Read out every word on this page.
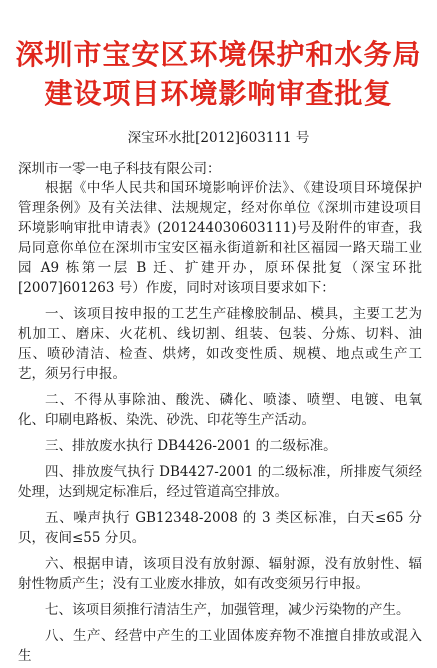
深圳市宝安区环境保护和水务局
建设项目环境影响审查批复
深宝环水批[2012]603111 号
深圳市一零一电子科技有限公司：

根据《中华人民共和国环境影响评价法》、《建设项目环境保护管理条例》及有关法律、法规规定，经对你单位《深圳市建设项目环境影响审批申请表》(201244030603111)号及附件的审查，我局同意你单位在深圳市宝安区福永街道新和社区福园一路天瑞工业园 A9 栋第一层 B 迁、扩建开办，原环保批复（深宝环批[2007]601263 号）作废，同时对该项目要求如下：

一、该项目按申报的工艺生产硅橡胶制品、模具，主要工艺为机加工、磨床、火花机、线切割、组装、包装、分炼、切料、油压、喷砂清洁、检查、烘烤，如改变性质、规模、地点或生产工艺，须另行申报。

二、不得从事除油、酸洗、磷化、喷漆、喷塑、电镀、电氧化、印刷电路板、染洗、砂洗、印花等生产活动。

三、排放废水执行 DB4426-2001 的二级标准。

四、排放废气执行 DB4427-2001 的二级标准，所排废气须经处理，达到规定标准后，经过管道高空排放。

五、噪声执行 GB12348-2008 的 3 类区标准，白天≤65 分贝，夜间≤55 分贝。

六、根据申请，该项目没有放射源、辐射源，没有放射性、辐射性物质产生；没有工业废水排放，如有改变须另行申报。

七、该项目须推行清洁生产，加强管理，减少污染物的产生。

八、生产、经营中产生的工业固体废弃物不准擅自排放或混入生
